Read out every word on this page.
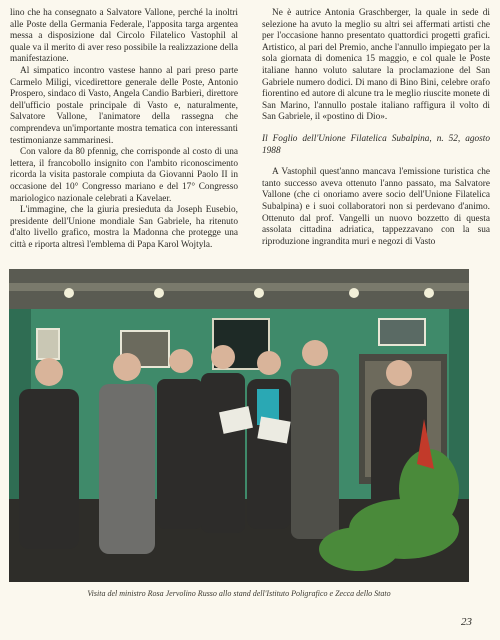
lino che ha consegnato a Salvatore Vallone, perché la inoltri alle Poste della Germania Federale, l'apposita targa argentea messa a disposizione dal Circolo Filatelico Vastophil al quale va il merito di aver reso possibile la realizzazione della manifestazione.

Al simpatico incontro vastese hanno al pari preso parte Carmelo Miligi, vicedirettore generale delle Poste, Antonio Prospero, sindaco di Vasto, Angela Candio Barbierì, direttore dell'ufficio postale principale di Vasto e, naturalmente, Salvatore Vallone, l'animatore della rassegna che comprendeva un'importante mostra tematica con interessanti testimonianze sammarinesi.

Con valore da 80 pfennig, che corrisponde al costo di una lettera, il francobollo insignito con l'ambito riconoscimento ricorda la visita pastorale compiuta da Giovanni Paolo II in occasione del 10° Congresso mariano e del 17° Congresso mariologico nazionale celebrati a Kavelaer.

L'immagine, che la giuria presieduta da Joseph Eusebio, presidente dell'Unione mondiale San Gabriele, ha ritenuto d'alto livello grafico, mostra la Madonna che protegge una città e riporta altresì l'emblema di Papa Karol Wojtyla.

Ne è autrice Antonia Graschberger, la quale in sede di selezione ha avuto la meglio su altri sei affermati artisti che per l'occasione hanno presentato quattordici progetti grafici. Artistico, al pari del Premio, anche l'annullo impiegato per la sola giornata di domenica 15 maggio, e col quale le Poste italiane hanno voluto salutare la proclamazione del San Gabriele numero dodici. Di mano di Bino Bini, celebre orafo fiorentino ed autore di alcune tra le meglio riuscite monete di San Marino, l'annullo postale italiano raffigura il volto di San Gabriele, il «postino di Dio».

Il Foglio dell'Unione Filatelica Subalpina, n. 52, agosto 1988

A Vastophil quest'anno mancava l'emissione turistica che tanto successo aveva ottenuto l'anno passato, ma Salvatore Vallone (che ci onoriamo avere socio dell'Unione Filatelica Subalpina) e i suoi collaboratori non si perdevano d'animo. Ottenuto dal prof. Vangelli un nuovo bozzetto di questa assolata cittadina adriatica, tappezzavano con la sua riproduzione ingrandita muri e negozi di Vasto

Visita del ministro Rosa Jervolino Russo allo stand dell'Istituto Poligrafico e Zecca dello Stato
23
